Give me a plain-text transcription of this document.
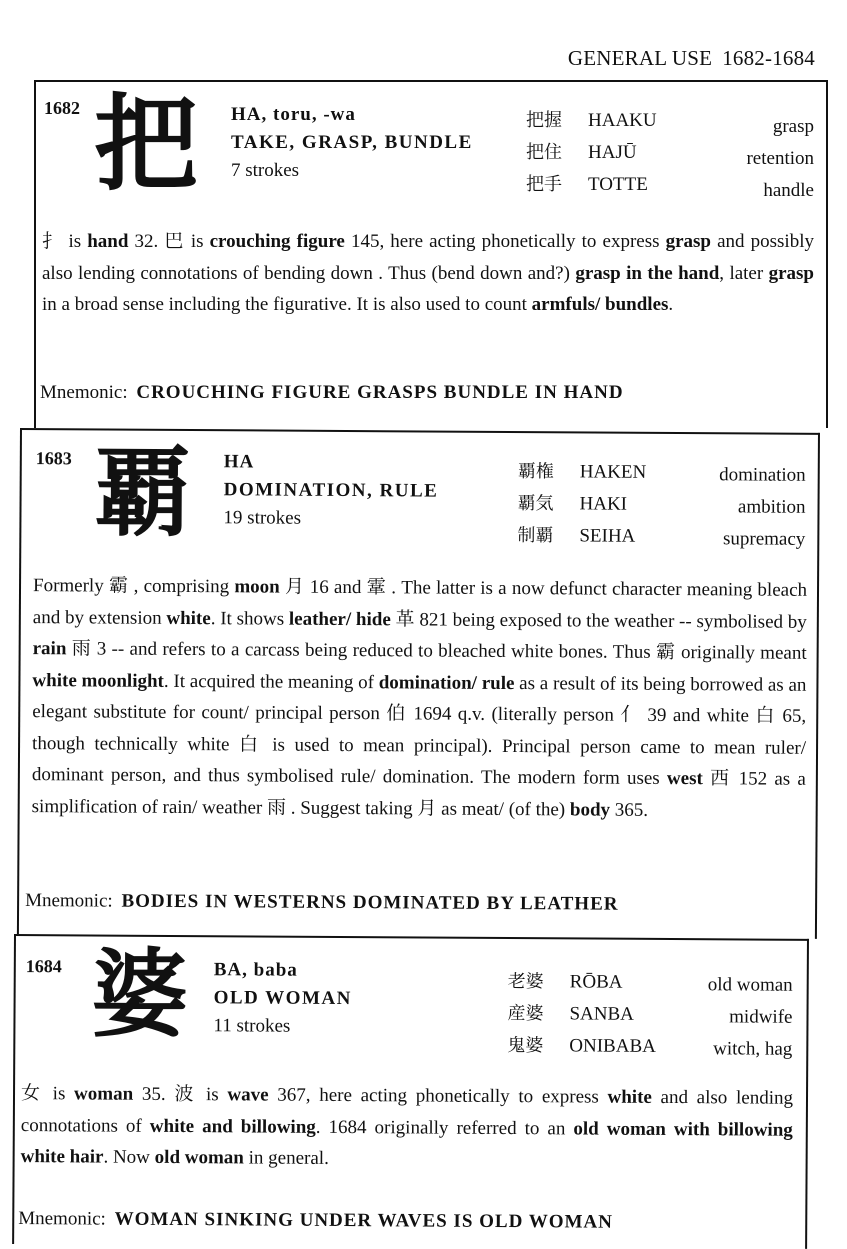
GENERAL USE 1682-1684
1682 把 HA, toru, -wa
TAKE, GRASP, BUNDLE
7 strokes
把握 HAAKU
把住 HAJŪ
把手 TOTTE
grasp
retention
handle
扌 is hand 32. 巴 is crouching figure 145, here acting phonetically to express grasp and possibly also lending connotations of bending down . Thus (bend down and?) grasp in the hand, later grasp in a broad sense including the figurative. It is also used to count armfuls/ bundles.
Mnemonic: CROUCHING FIGURE GRASPS BUNDLE IN HAND
1683 覇 HA
DOMINATION, RULE
19 strokes
覇権 HAKEN
覇気 HAKI
制覇 SEIHA
domination
ambition
supremacy
Formerly 霸 , comprising moon 月 16 and 䨣 . The latter is a now defunct character meaning bleach and by extension white. It shows leather/ hide 革 821 being exposed to the weather -- symbolised by rain 雨 3 -- and refers to a carcass being reduced to bleached white bones. Thus 霸 originally meant white moonlight. It acquired the meaning of domination/ rule as a result of its being borrowed as an elegant substitute for count/ principal person 伯 1694 q.v. (literally person 亻 39 and white 白 65, though technically white 白 is used to mean principal). Principal person came to mean ruler/ dominant person, and thus symbolised rule/ domination. The modern form uses west 西 152 as a simplification of rain/ weather 雨 . Suggest taking 月 as meat/ (of the) body 365.
Mnemonic: BODIES IN WESTERNS DOMINATED BY LEATHER
1684 婆 BA, baba
OLD WOMAN
11 strokes
老婆 RŌBA
産婆 SANBA
鬼婆 ONIBABA
old woman
midwife
witch, hag
女 is woman 35. 波 is wave 367, here acting phonetically to express white and also lending connotations of white and billowing. 1684 originally referred to an old woman with billowing white hair. Now old woman in general.
Mnemonic: WOMAN SINKING UNDER WAVES IS OLD WOMAN
